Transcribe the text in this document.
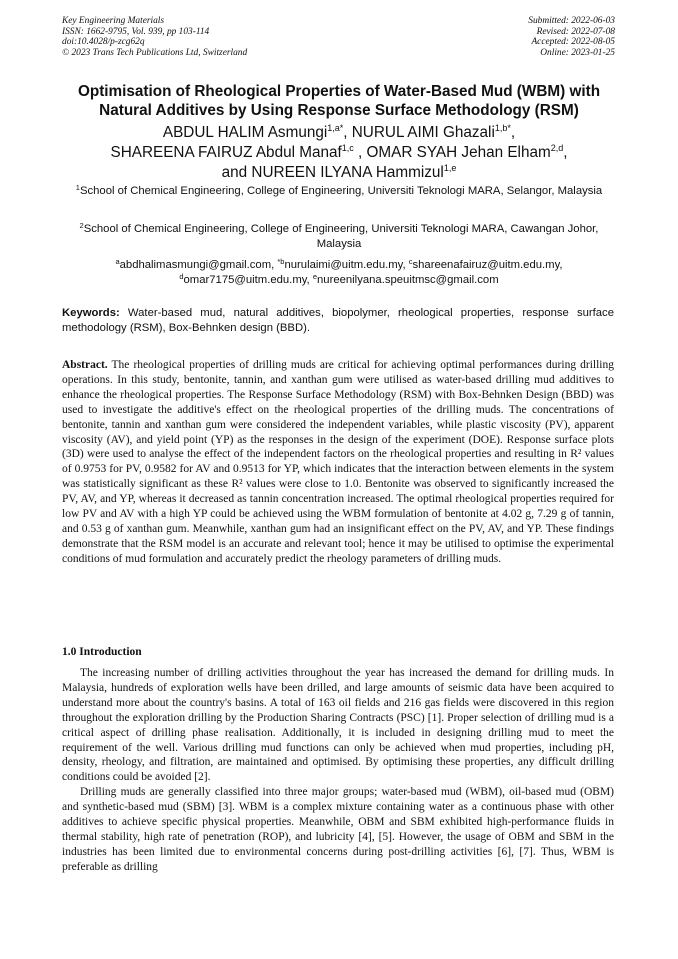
Key Engineering Materials
ISSN: 1662-9795, Vol. 939, pp 103-114
doi:10.4028/p-zcg62q
© 2023 Trans Tech Publications Ltd, Switzerland
Submitted: 2022-06-03
Revised: 2022-07-08
Accepted: 2022-08-05
Online: 2023-01-25
Optimisation of Rheological Properties of Water-Based Mud (WBM) with Natural Additives by Using Response Surface Methodology (RSM)
ABDUL HALIM Asmungi$^{1,a*}$, NURUL AIMI Ghazali$^{1,b*}$,
SHAREENA FAIRUZ Abdul Manaf$^{1,c}$ , OMAR SYAH Jehan Elham$^{2,d}$,
and NUREEN ILYANA Hammizul$^{1,e}$
$^1$School of Chemical Engineering, College of Engineering, Universiti Teknologi MARA, Selangor, Malaysia
$^2$School of Chemical Engineering, College of Engineering, Universiti Teknologi MARA, Cawangan Johor, Malaysia
$^a$abdhalimasmungi@gmail.com, $^{*b}$nurulaimi@uitm.edu.my, $^c$shareenafairuz@uitm.edu.my,
$^d$omar7175@uitm.edu.my, $^e$nureenilyana.speuitmsc@gmail.com
Keywords: Water-based mud, natural additives, biopolymer, rheological properties, response surface methodology (RSM), Box-Behnken design (BBD).
Abstract. The rheological properties of drilling muds are critical for achieving optimal performances during drilling operations. In this study, bentonite, tannin, and xanthan gum were utilised as water-based drilling mud additives to enhance the rheological properties. The Response Surface Methodology (RSM) with Box-Behnken Design (BBD) was used to investigate the additive's effect on the rheological properties of the drilling muds. The concentrations of bentonite, tannin and xanthan gum were considered the independent variables, while plastic viscosity (PV), apparent viscosity (AV), and yield point (YP) as the responses in the design of the experiment (DOE). Response surface plots (3D) were used to analyse the effect of the independent factors on the rheological properties and resulting in R² values of 0.9753 for PV, 0.9582 for AV and 0.9513 for YP, which indicates that the interaction between elements in the system was statistically significant as these R² values were close to 1.0. Bentonite was observed to significantly increased the PV, AV, and YP, whereas it decreased as tannin concentration increased. The optimal rheological properties required for low PV and AV with a high YP could be achieved using the WBM formulation of bentonite at 4.02 g, 7.29 g of tannin, and 0.53 g of xanthan gum. Meanwhile, xanthan gum had an insignificant effect on the PV, AV, and YP. These findings demonstrate that the RSM model is an accurate and relevant tool; hence it may be utilised to optimise the experimental conditions of mud formulation and accurately predict the rheology parameters of drilling muds.
1.0 Introduction

The increasing number of drilling activities throughout the year has increased the demand for drilling muds. In Malaysia, hundreds of exploration wells have been drilled, and large amounts of seismic data have been acquired to understand more about the country's basins. A total of 163 oil fields and 216 gas fields were discovered in this region throughout the exploration drilling by the Production Sharing Contracts (PSC) [1]. Proper selection of drilling mud is a critical aspect of drilling phase realisation. Additionally, it is included in designing drilling mud to meet the requirement of the well. Various drilling mud functions can only be achieved when mud properties, including pH, density, rheology, and filtration, are maintained and optimised. By optimising these properties, any difficult drilling conditions could be avoided [2].

Drilling muds are generally classified into three major groups; water-based mud (WBM), oil-based mud (OBM) and synthetic-based mud (SBM) [3]. WBM is a complex mixture containing water as a continuous phase with other additives to achieve specific physical properties. Meanwhile, OBM and SBM exhibited high-performance fluids in thermal stability, high rate of penetration (ROP), and lubricity [4], [5]. However, the usage of OBM and SBM in the industries has been limited due to environmental concerns during post-drilling activities [6], [7]. Thus, WBM is preferable as drilling
